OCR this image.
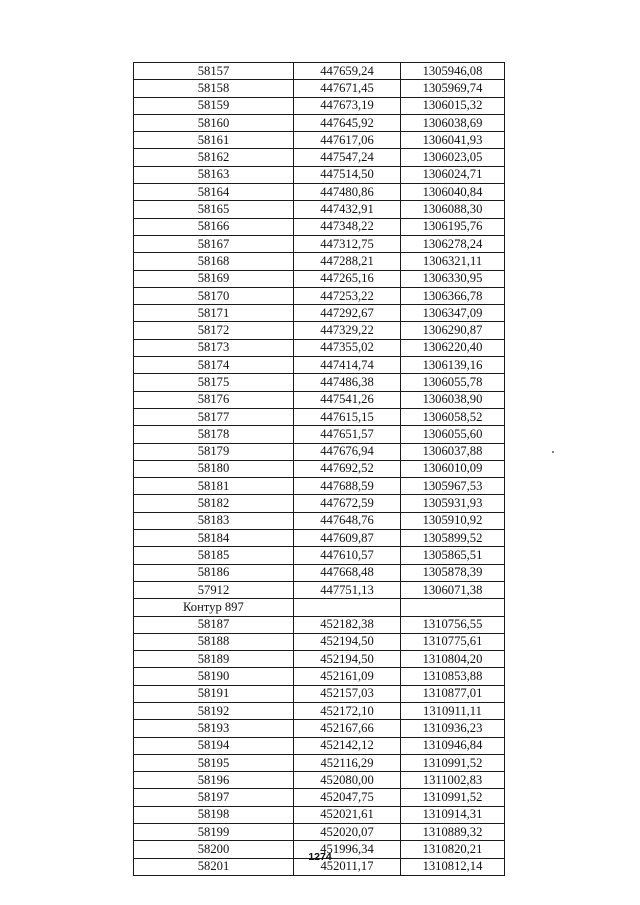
58157	447659,24	1305946,08
58158	447671,45	1305969,74
58159	447673,19	1306015,32
58160	447645,92	1306038,69
58161	447617,06	1306041,93
58162	447547,24	1306023,05
58163	447514,50	1306024,71
58164	447480,86	1306040,84
58165	447432,91	1306088,30
58166	447348,22	1306195,76
58167	447312,75	1306278,24
58168	447288,21	1306321,11
58169	447265,16	1306330,95
58170	447253,22	1306366,78
58171	447292,67	1306347,09
58172	447329,22	1306290,87
58173	447355,02	1306220,40
58174	447414,74	1306139,16
58175	447486,38	1306055,78
58176	447541,26	1306038,90
58177	447615,15	1306058,52
58178	447651,57	1306055,60
58179	447676,94	1306037,88
58180	447692,52	1306010,09
58181	447688,59	1305967,53
58182	447672,59	1305931,93
58183	447648,76	1305910,92
58184	447609,87	1305899,52
58185	447610,57	1305865,51
58186	447668,48	1305878,39
57912	447751,13	1306071,38
Контур 897		
58187	452182,38	1310756,55
58188	452194,50	1310775,61
58189	452194,50	1310804,20
58190	452161,09	1310853,88
58191	452157,03	1310877,01
58192	452172,10	1310911,11
58193	452167,66	1310936,23
58194	452142,12	1310946,84
58195	452116,29	1310991,52
58196	452080,00	1311002,83
58197	452047,75	1310991,52
58198	452021,61	1310914,31
58199	452020,07	1310889,32
58200	451996,34	1310820,21
58201	452011,17	1310812,14
1274
